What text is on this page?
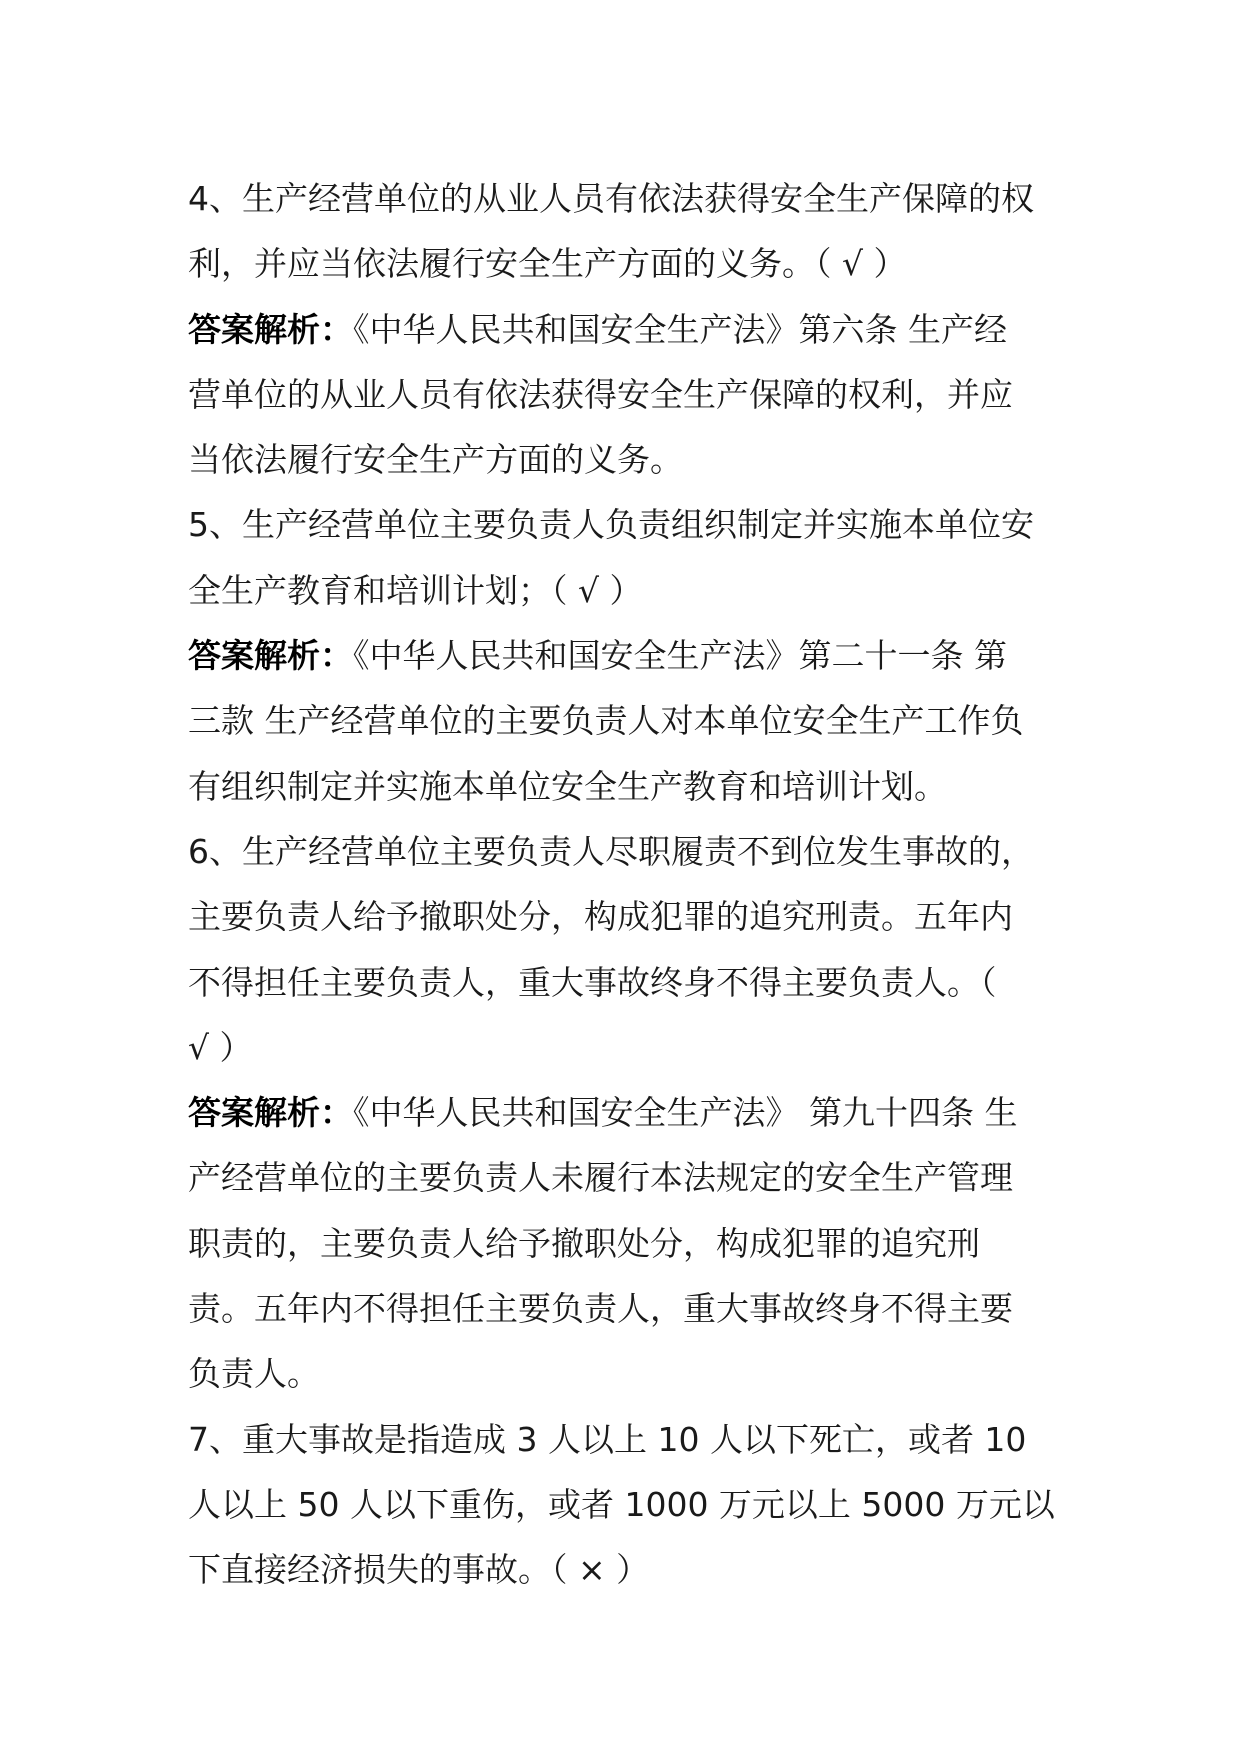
4、生产经营单位的从业人员有依法获得安全生产保障的权

利，并应当依法履行安全生产方面的义务。（ √ ）

答案解析：《中华人民共和国安全生产法》第六条 生产经

营单位的从业人员有依法获得安全生产保障的权利，并应

当依法履行安全生产方面的义务。

5、生产经营单位主要负责人负责组织制定并实施本单位安

全生产教育和培训计划；（ √ ）

答案解析：《中华人民共和国安全生产法》第二十一条 第

三款 生产经营单位的主要负责人对本单位安全生产工作负

有组织制定并实施本单位安全生产教育和培训计划。

6、生产经营单位主要负责人尽职履责不到位发生事故的，

主要负责人给予撤职处分，构成犯罪的追究刑责。五年内

不得担任主要负责人，重大事故终身不得主要负责人。（

√ ）

答案解析：《中华人民共和国安全生产法》 第九十四条 生

产经营单位的主要负责人未履行本法规定的安全生产管理

职责的，主要负责人给予撤职处分，构成犯罪的追究刑

责。五年内不得担任主要负责人，重大事故终身不得主要

负责人。

7、重大事故是指造成 3 人以上 10 人以下死亡，或者 10

人以上 50 人以下重伤，或者 1000 万元以上 5000 万元以

下直接经济损失的事故。（ × ）
